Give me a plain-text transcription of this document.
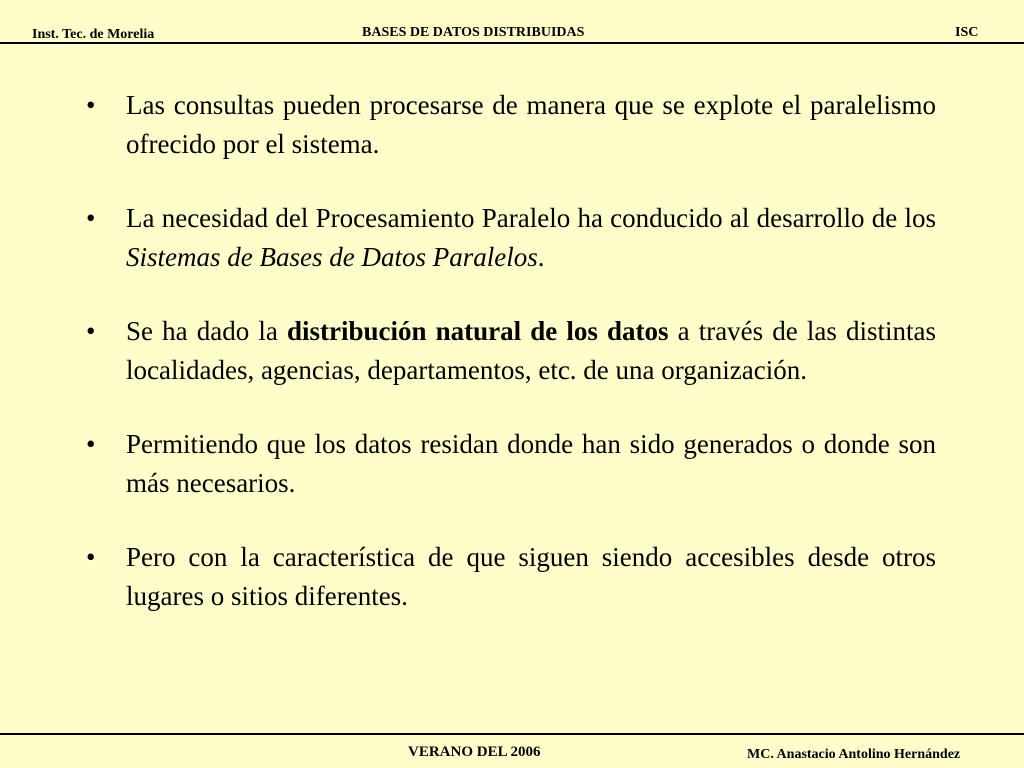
Inst. Tec. de Morelia	BASES DE DATOS DISTRIBUIDAS	ISC
• Las consultas pueden procesarse de manera que se explote el paralelismo ofrecido por el sistema.
• La necesidad del Procesamiento Paralelo ha conducido al desarrollo de los Sistemas de Bases de Datos Paralelos.
• Se ha dado la distribución natural de los datos a través de las distintas localidades, agencias, departamentos, etc. de una organización.
• Permitiendo que los datos residan donde han sido generados o donde son más necesarios.
• Pero con la característica de que siguen siendo accesibles desde otros lugares o sitios diferentes.
VERANO DEL 2006	MC. Anastacio Antolino Hernández
